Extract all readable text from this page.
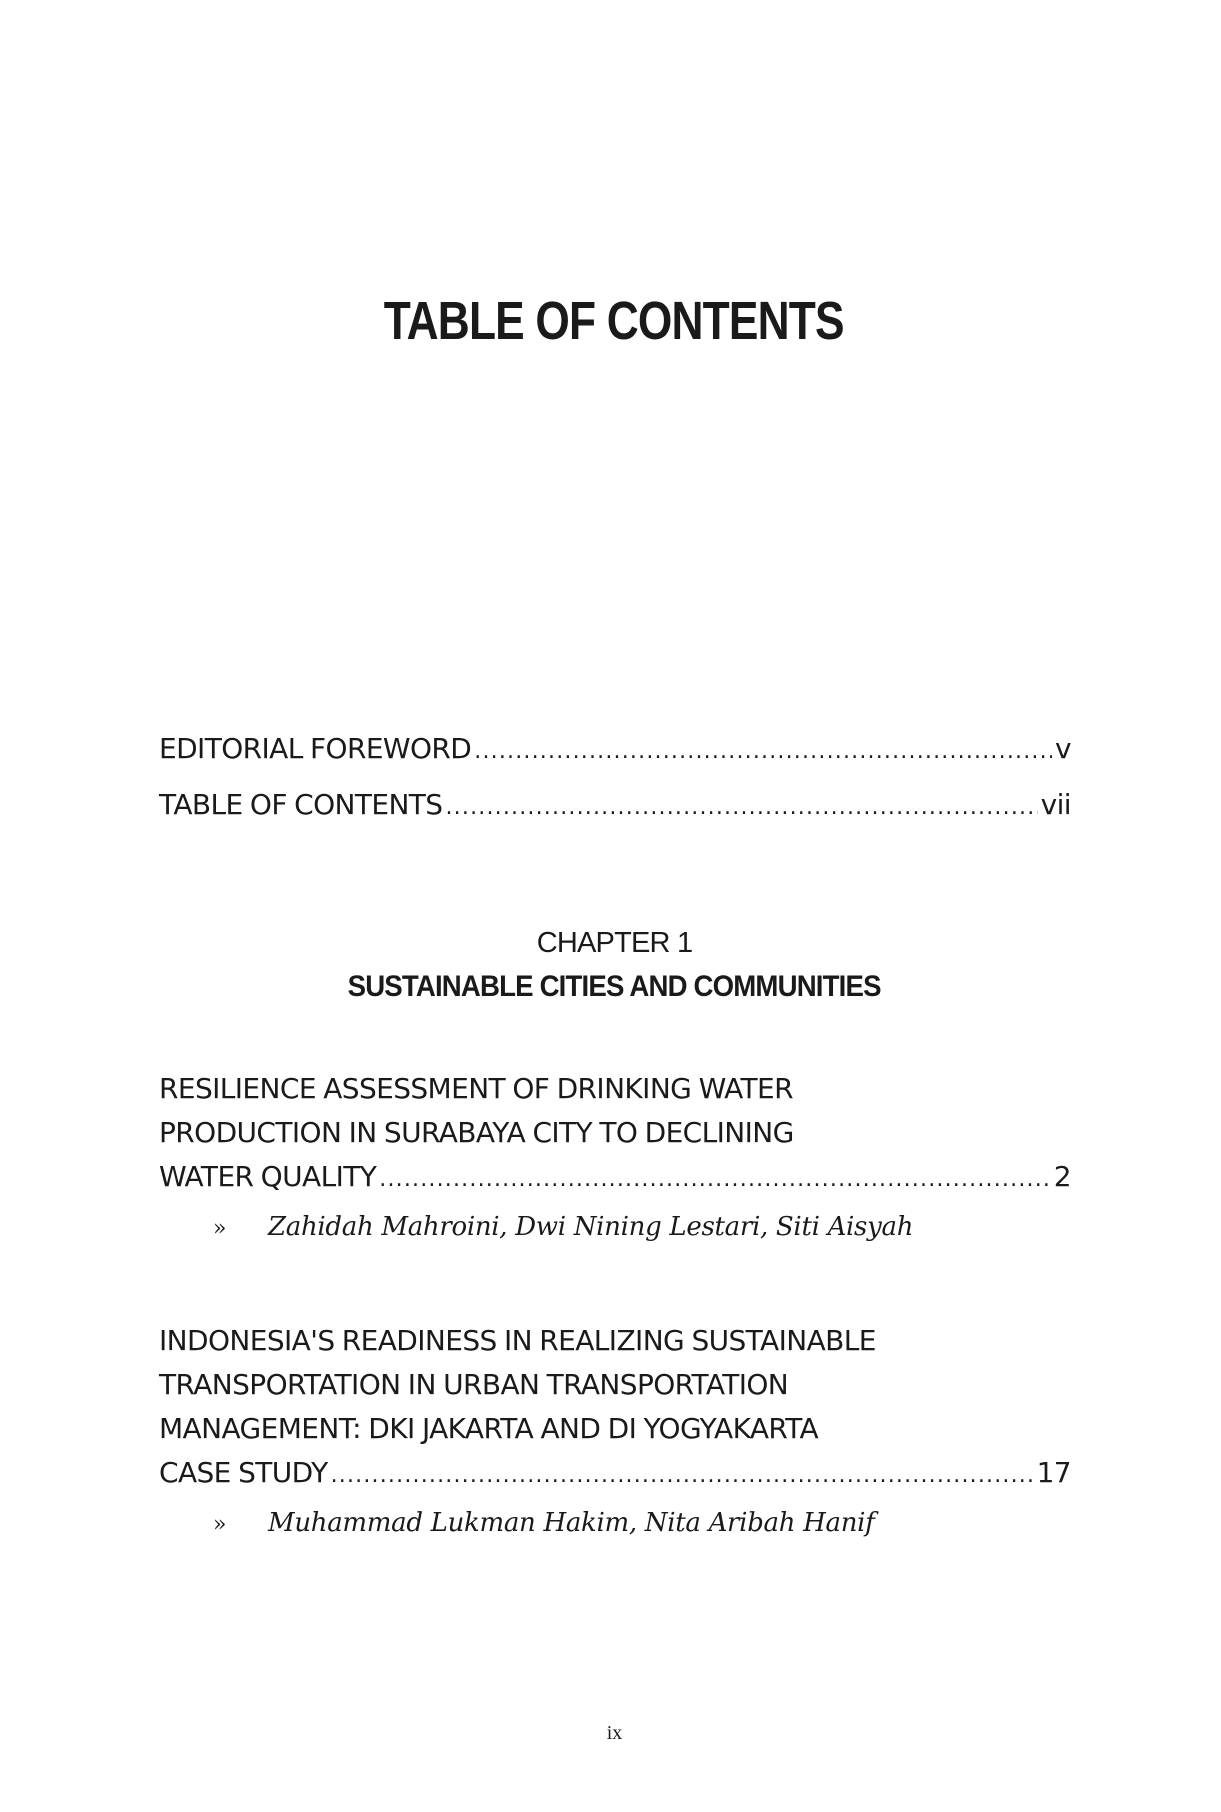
TABLE OF CONTENTS
EDITORIAL FOREWORD .....	v
TABLE OF CONTENTS .....	vii
CHAPTER 1
SUSTAINABLE CITIES AND COMMUNITIES
RESILIENCE ASSESSMENT OF DRINKING WATER
PRODUCTION IN SURABAYA CITY TO DECLINING
WATER QUALITY .....	2
»	Zahidah Mahroini, Dwi Nining Lestari, Siti Aisyah
INDONESIA'S READINESS IN REALIZING SUSTAINABLE
TRANSPORTATION IN URBAN TRANSPORTATION
MANAGEMENT: DKI JAKARTA AND DI YOGYAKARTA
CASE STUDY .....	17
»	Muhammad Lukman Hakim, Nita Aribah Hanif
ix
